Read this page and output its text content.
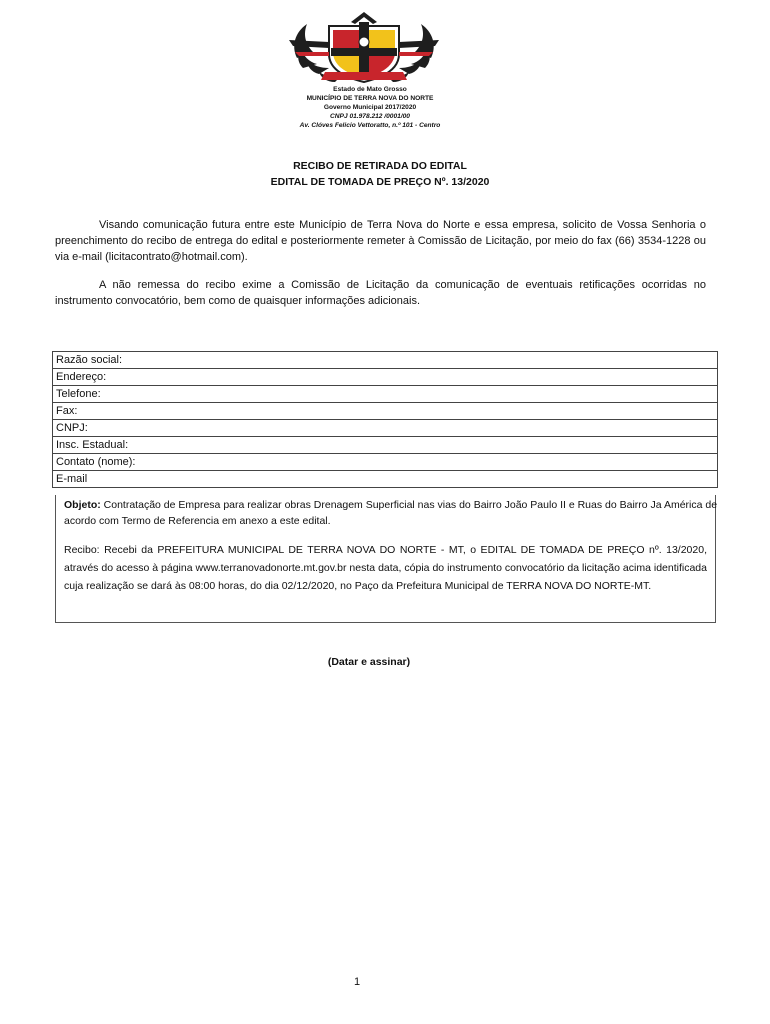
Estado de Mato Grosso
MUNICÍPIO DE TERRA NOVA DO NORTE
Governo Municipal 2017/2020
CNPJ 01.978.212 /0001/00
Av. Clóves Felicio Vettoratto, n.º 101 - Centro
RECIBO DE RETIRADA DO EDITAL
EDITAL DE TOMADA DE PREÇO Nº. 13/2020
Visando comunicação futura entre este Município de Terra Nova do Norte e essa empresa, solicito de Vossa Senhoria o preenchimento do recibo de entrega do edital e posteriormente remeter à Comissão de Licitação, por meio do fax (66) 3534-1228 ou via e-mail (licitacontrato@hotmail.com).
A não remessa do recibo exime a Comissão de Licitação da comunicação de eventuais retificações ocorridas no instrumento convocatório, bem como de quaisquer informações adicionais.
Razão social:
Endereço:
Telefone:
Fax:
CNPJ:
Insc. Estadual:
Contato (nome):
E-mail
Objeto: Contratação de Empresa para realizar obras Drenagem Superficial nas vias do Bairro João Paulo II e Ruas do Bairro Ja América de acordo com Termo de Referencia em anexo a este edital.
Recibo: Recebi da PREFEITURA MUNICIPAL DE TERRA NOVA DO NORTE - MT, o EDITAL DE TOMADA DE PREÇO nº. 13/2020, através do acesso à página www.terranovadonorte.mt.gov.br nesta data, cópia do instrumento convocatório da licitação acima identificada cuja realização se dará às 08:00 horas, do dia 02/12/2020, no Paço da Prefeitura Municipal de TERRA NOVA DO NORTE-MT.
(Datar e assinar)
1
